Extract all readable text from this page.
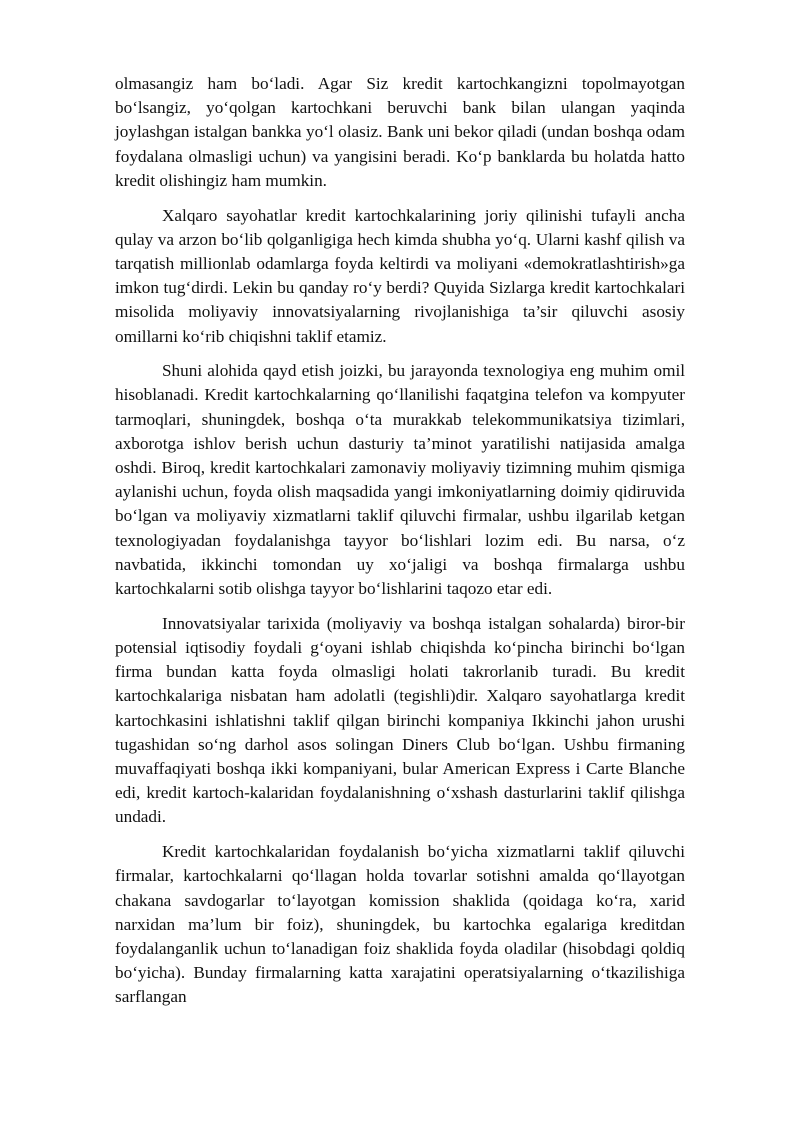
olmasangiz ham bo‘ladi. Agar Siz kredit kartochkangizni topolmayotgan bo‘lsangiz, yo‘qolgan kartochkani beruvchi bank bilan ulangan yaqinda joylashgan istalgan bankka yo‘l olasiz. Bank uni bekor qiladi (undan boshqa odam foydalana olmasligi uchun) va yangisini beradi. Ko‘p banklarda bu holatda hatto kredit olishingiz ham mumkin.

Xalqaro sayohatlar kredit kartochkalarining joriy qilinishi tufayli ancha qulay va arzon bo‘lib qolganligiga hech kimda shubha yo‘q. Ularni kashf qilish va tarqatish millionlab odamlarga foyda keltirdi va moliyani «demokratlashtirish»ga imkon tug‘dirdi. Lekin bu qanday ro‘y berdi? Quyida Sizlarga kredit kartochkalari misolida moliyaviy innovatsiyalarning rivojlanishiga ta’sir qiluvchi asosiy omillarni ko‘rib chiqishni taklif etamiz.

Shuni alohida qayd etish joizki, bu jarayonda texnologiya eng muhim omil hisoblanadi. Kredit kartochkalarning qo‘llanilishi faqatgina telefon va kompyuter tarmoqlari, shuningdek, boshqa o‘ta murakkab telekommunikatsiya tizimlari, axborotga ishlov berish uchun dasturiy ta’minot yaratilishi natijasida amalga oshdi. Biroq, kredit kartochkalari zamonaviy moliyaviy tizimning muhim qismiga aylanishi uchun, foyda olish maqsadida yangi imkoniyatlarning doimiy qidiruvida bo‘lgan va moliyaviy xizmatlarni taklif qiluvchi firmalar, ushbu ilgarilab ketgan texnologiyadan foydalanishga tayyor bo‘lishlari lozim edi. Bu narsa, o‘z navbatida, ikkinchi tomondan uy xo‘jaligi va boshqa firmalarga ushbu kartochkalarni sotib olishga tayyor bo‘lishlarini taqozo etar edi.

Innovatsiyalar tarixida (moliyaviy va boshqa istalgan sohalarda) biror-bir potensial iqtisodiy foydali g‘oyani ishlab chiqishda ko‘pincha birinchi bo‘lgan firma bundan katta foyda olmasligi holati takrorlanib turadi. Bu kredit kartochkalariga nisbatan ham adolatli (tegishli)dir. Xalqaro sayohatlarga kredit kartochkasini ishlatishni taklif qilgan birinchi kompaniya Ikkinchi jahon urushi tugashidan so‘ng darhol asos solingan Diners Club bo‘lgan. Ushbu firmaning muvaffaqiyati boshqa ikki kompaniyani, bular American Express i Carte Blanche edi, kredit kartoch-kalaridan foydalanishning o‘xshash dasturlarini taklif qilishga undadi.

Kredit kartochkalaridan foydalanish bo‘yicha xizmatlarni taklif qiluvchi firmalar, kartochkalarni qo‘llagan holda tovarlar sotishni amalda qo‘llayotgan chakana savdogarlar to‘layotgan komission shaklida (qoidaga ko‘ra, xarid narxidan ma’lum bir foiz), shuningdek, bu kartochka egalariga kreditdan foydalanganlik uchun to‘lanadigan foiz shaklida foyda oladilar (hisobdagi qoldiq bo‘yicha). Bunday firmalarning katta xarajatini operatsiyalarning o‘tkazilishiga sarflangan
